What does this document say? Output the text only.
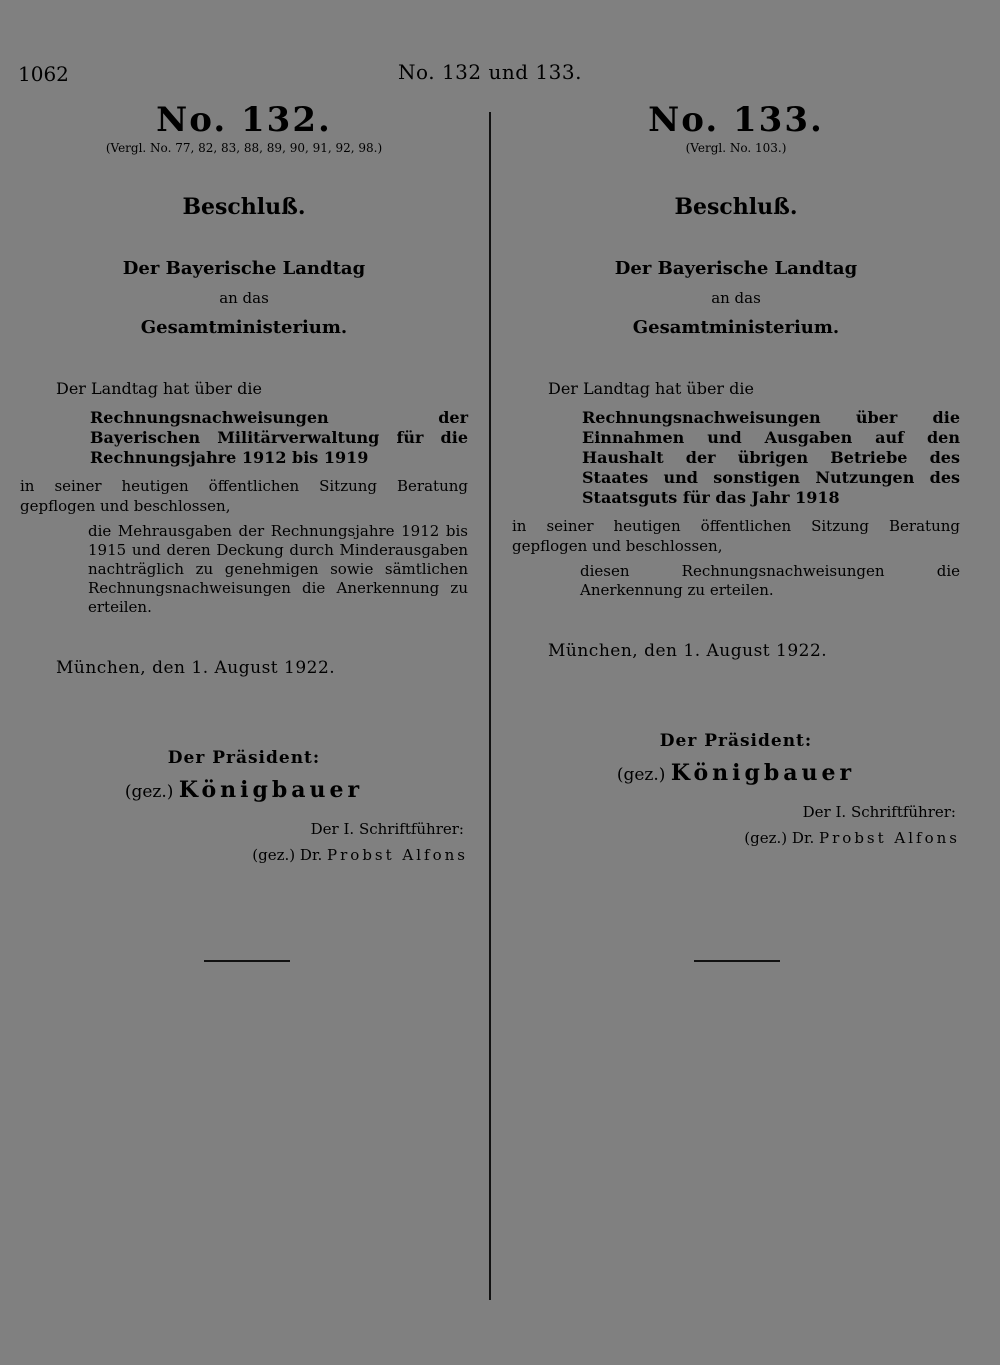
1062	No. 132 und 133.
No. 132.
(Vergl. No. 77, 82, 83, 88, 89, 90, 91, 92, 98.)
Beschluß.
Der Bayerische Landtag
an das
Gesamtministerium.
Der Landtag hat über die
Rechnungsnachweisungen der Bayerischen Militärverwaltung für die Rechnungsjahre 1912 bis 1919
in seiner heutigen öffentlichen Sitzung Beratung gepflogen und beschlossen,
die Mehrausgaben der Rechnungsjahre 1912 bis 1915 und deren Deckung durch Minderausgaben nachträglich zu genehmigen sowie sämtlichen Rechnungsnachweisungen die Anerkennung zu erteilen.
München, den 1. August 1922.
Der Präsident:
(gez.) Königbauer
Der I. Schriftführer:
(gez.) Dr. Probst Alfons
No. 133.
(Vergl. No. 103.)
Beschluß.
Der Bayerische Landtag
an das
Gesamtministerium.
Der Landtag hat über die
Rechnungsnachweisungen über die Einnahmen und Ausgaben auf den Haushalt der übrigen Betriebe des Staates und sonstigen Nutzungen des Staatsguts für das Jahr 1918
in seiner heutigen öffentlichen Sitzung Beratung gepflogen und beschlossen,
diesen Rechnungsnachweisungen die Anerkennung zu erteilen.
München, den 1. August 1922.
Der Präsident:
(gez.) Königbauer
Der I. Schriftführer:
(gez.) Dr. Probst Alfons
